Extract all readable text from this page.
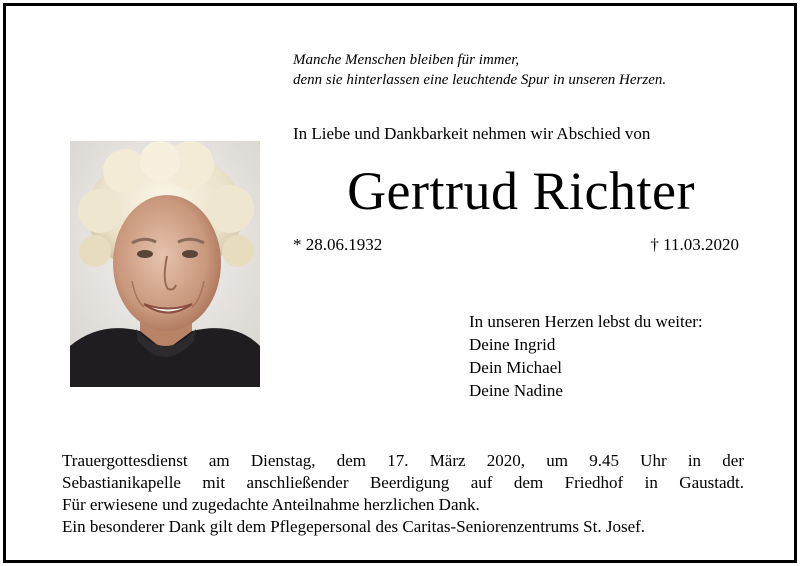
Manche Menschen bleiben für immer,
denn sie hinterlassen eine leuchtende Spur in unseren Herzen.
In Liebe und Dankbarkeit nehmen wir Abschied von
Gertrud Richter
* 28.06.1932	† 11.03.2020
In unseren Herzen lebst du weiter:
Deine Ingrid
Dein Michael
Deine Nadine
Trauergottesdienst am Dienstag, dem 17. März 2020, um 9.45 Uhr in der
Sebastianikapelle mit anschließender Beerdigung auf dem Friedhof in Gaustadt.
Für erwiesene und zugedachte Anteilnahme herzlichen Dank.
Ein besonderer Dank gilt dem Pflegepersonal des Caritas-Seniorenzentrums St. Josef.
